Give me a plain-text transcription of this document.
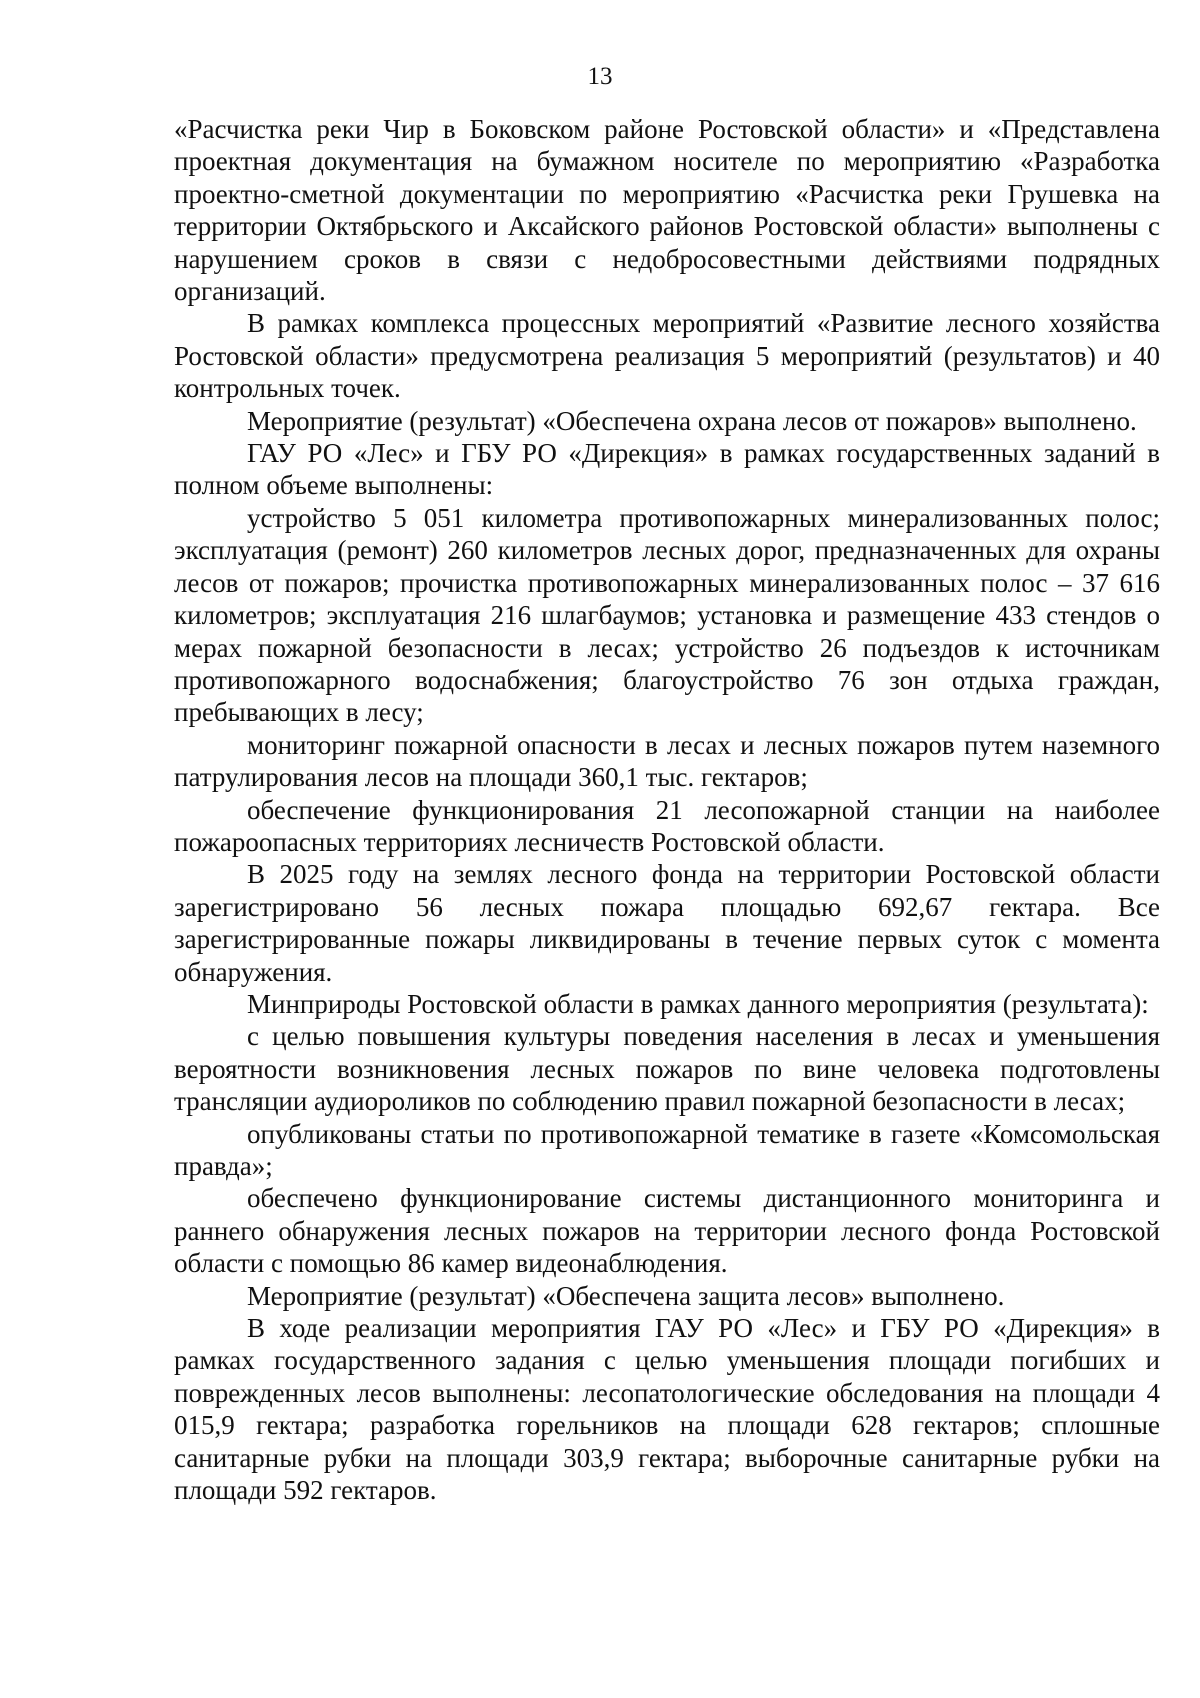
13

«Расчистка реки Чир в Боковском районе Ростовской области» и «Представлена проектная документация на бумажном носителе по мероприятию «Разработка проектно-сметной документации по мероприятию «Расчистка реки Грушевка на территории Октябрьского и Аксайского районов Ростовской области» выполнены с нарушением сроков в связи с недобросовестными действиями подрядных организаций.

В рамках комплекса процессных мероприятий «Развитие лесного хозяйства Ростовской области» предусмотрена реализация 5 мероприятий (результатов) и 40 контрольных точек.

Мероприятие (результат) «Обеспечена охрана лесов от пожаров» выполнено.

ГАУ РО «Лес» и ГБУ РО «Дирекция» в рамках государственных заданий в полном объеме выполнены:

устройство 5 051 километра противопожарных минерализованных полос; эксплуатация (ремонт) 260 километров лесных дорог, предназначенных для охраны лесов от пожаров; прочистка противопожарных минерализованных полос – 37 616 километров; эксплуатация 216 шлагбаумов; установка и размещение 433 стендов о мерах пожарной безопасности в лесах; устройство 26 подъездов к источникам противопожарного водоснабжения; благоустройство 76 зон отдыха граждан, пребывающих в лесу;

мониторинг пожарной опасности в лесах и лесных пожаров путем наземного патрулирования лесов на площади 360,1 тыс. гектаров;

обеспечение функционирования 21 лесопожарной станции на наиболее пожароопасных территориях лесничеств Ростовской области.

В 2025 году на землях лесного фонда на территории Ростовской области зарегистрировано 56 лесных пожара площадью 692,67 гектара. Все зарегистрированные пожары ликвидированы в течение первых суток с момента обнаружения.

Минприроды Ростовской области в рамках данного мероприятия (результата):

с целью повышения культуры поведения населения в лесах и уменьшения вероятности возникновения лесных пожаров по вине человека подготовлены трансляции аудиороликов по соблюдению правил пожарной безопасности в лесах;

опубликованы статьи по противопожарной тематике в газете «Комсомольская правда»;

обеспечено функционирование системы дистанционного мониторинга и раннего обнаружения лесных пожаров на территории лесного фонда Ростовской области с помощью 86 камер видеонаблюдения.

Мероприятие (результат) «Обеспечена защита лесов» выполнено.

В ходе реализации мероприятия ГАУ РО «Лес» и ГБУ РО «Дирекция» в рамках государственного задания с целью уменьшения площади погибших и поврежденных лесов выполнены: лесопатологические обследования на площади 4 015,9 гектара; разработка горельников на площади 628 гектаров; сплошные санитарные рубки на площади 303,9 гектара; выборочные санитарные рубки на площади 592 гектаров.
